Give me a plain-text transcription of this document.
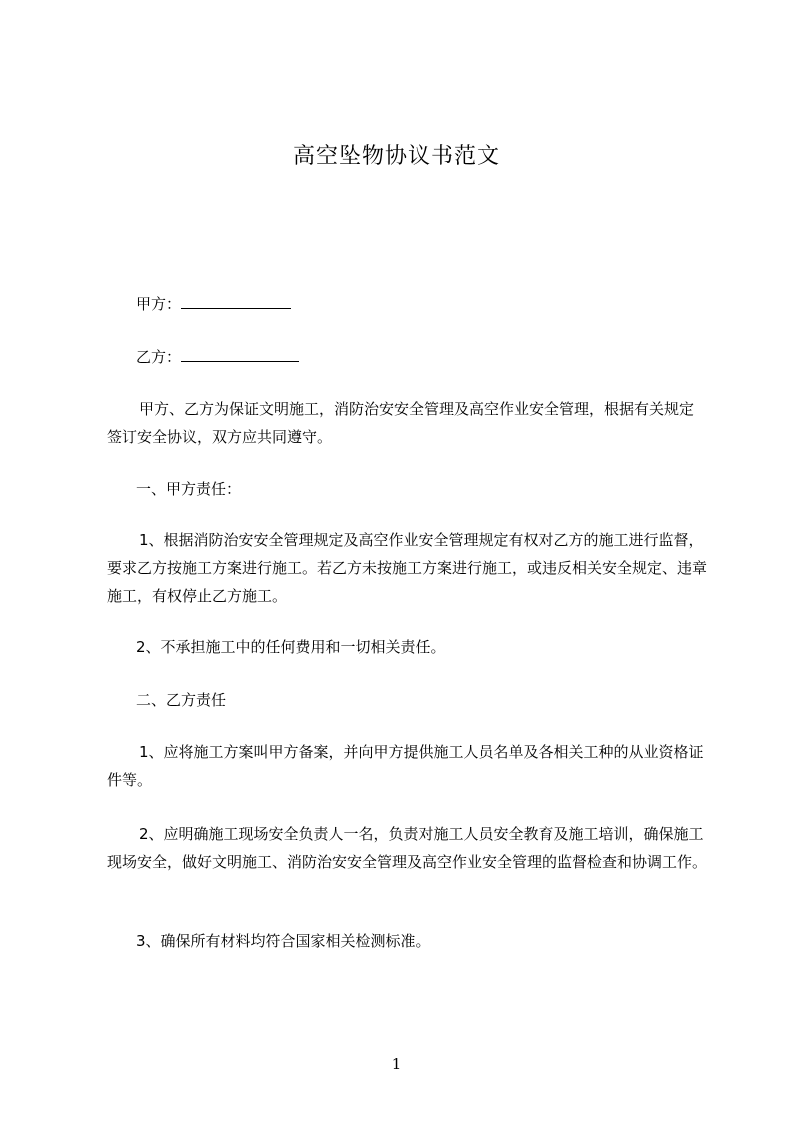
高空坠物协议书范文
甲方：
乙方：

甲方、乙方为保证文明施工，消防治安安全管理及高空作业安全管理，根据有关规定签订安全协议，双方应共同遵守。

一、甲方责任：

1、根据消防治安安全管理规定及高空作业安全管理规定有权对乙方的施工进行监督，要求乙方按施工方案进行施工。若乙方未按施工方案进行施工，或违反相关安全规定、违章施工，有权停止乙方施工。

2、不承担施工中的任何费用和一切相关责任。

二、乙方责任

1、应将施工方案叫甲方备案，并向甲方提供施工人员名单及各相关工种的从业资格证件等。

2、应明确施工现场安全负责人一名，负责对施工人员安全教育及施工培训，确保施工现场安全，做好文明施工、消防治安安全管理及高空作业安全管理的监督检查和协调工作。

3、确保所有材料均符合国家相关检测标准。

1
